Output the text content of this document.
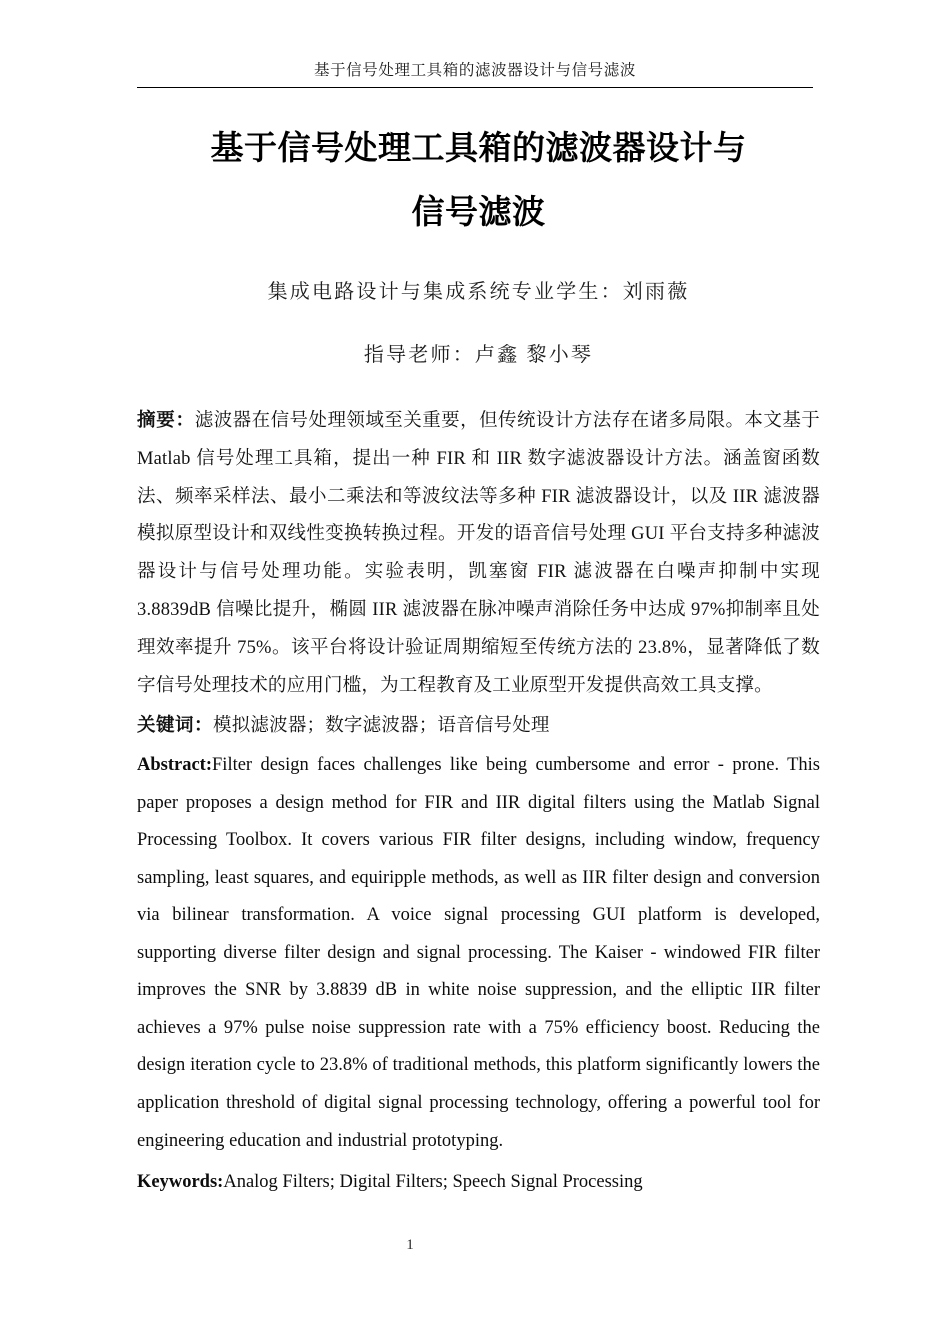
基于信号处理工具箱的滤波器设计与信号滤波
基于信号处理工具箱的滤波器设计与
信号滤波
集成电路设计与集成系统专业学生：刘雨薇
指导老师：卢鑫 黎小琴

摘要：滤波器在信号处理领域至关重要，但传统设计方法存在诸多局限。本文基于 Matlab 信号处理工具箱，提出一种 FIR 和 IIR 数字滤波器设计方法。涵盖窗函数法、频率采样法、最小二乘法和等波纹法等多种 FIR 滤波器设计，以及 IIR 滤波器模拟原型设计和双线性变换转换过程。开发的语音信号处理 GUI 平台支持多种滤波器设计与信号处理功能。实验表明，凯塞窗 FIR 滤波器在白噪声抑制中实现 3.8839dB 信噪比提升，椭圆 IIR 滤波器在脉冲噪声消除任务中达成 97%抑制率且处理效率提升 75%。该平台将设计验证周期缩短至传统方法的 23.8%，显著降低了数字信号处理技术的应用门槛，为工程教育及工业原型开发提供高效工具支撑。

关键词：模拟滤波器；数字滤波器；语音信号处理

Abstract:Filter design faces challenges like being cumbersome and error - prone. This paper proposes a design method for FIR and IIR digital filters using the Matlab Signal Processing Toolbox. It covers various FIR filter designs, including window, frequency sampling, least squares, and equiripple methods, as well as IIR filter design and conversion via bilinear transformation. A voice signal processing GUI platform is developed, supporting diverse filter design and signal processing. The Kaiser - windowed FIR filter improves the SNR by 3.8839 dB in white noise suppression, and the elliptic IIR filter achieves a 97% pulse noise suppression rate with a 75% efficiency boost. Reducing the design iteration cycle to 23.8% of traditional methods, this platform significantly lowers the application threshold of digital signal processing technology, offering a powerful tool for engineering education and industrial prototyping.

Keywords:Analog Filters; Digital Filters; Speech Signal Processing

1
